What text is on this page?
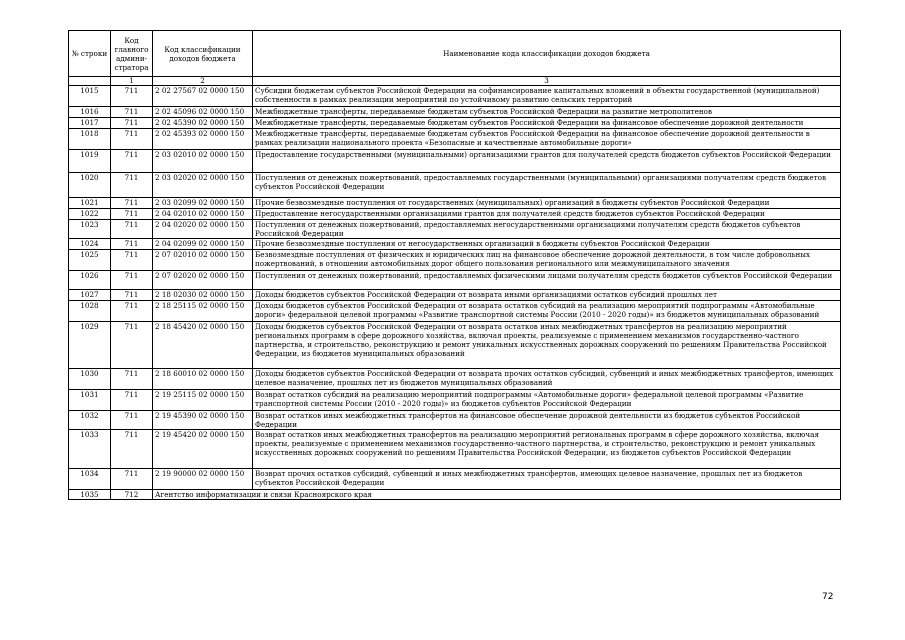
№ строки	Код главного админи- стратора	Код классификации доходов бюджета	Наименование кода классификации доходов бюджета
	1	2	3
1015	711	2 02 27567 02 0000 150	Субсидии бюджетам субъектов Российской Федерации на софинансирование капитальных вложений в объекты государственной (муниципальной) собственности в рамках реализации мероприятий по устойчивому развитию сельских территорий
1016	711	2 02 45096 02 0000 150	Межбюджетные трансферты, передаваемые бюджетам субъектов Российской Федерации на развитие метрополитенов
1017	711	2 02 45390 02 0000 150	Межбюджетные трансферты, передаваемые бюджетам субъектов Российской Федерации на финансовое обеспечение дорожной деятельности
1018	711	2 02 45393 02 0000 150	Межбюджетные трансферты, передаваемые бюджетам субъектов Российской Федерации на финансовое обеспечение дорожной деятельности в рамках реализации национального проекта «Безопасные и качественные автомобильные дороги»
1019	711	2 03 02010 02 0000 150	Предоставление государственными (муниципальными) организациями грантов для получателей средств бюджетов субъектов Российской Федерации
1020	711	2 03 02020 02 0000 150	Поступления от денежных пожертвований, предоставляемых государственными (муниципальными) организациями получателям средств бюджетов субъектов Российской Федерации
1021	711	2 03 02099 02 0000 150	Прочие безвозмездные поступления от государственных (муниципальных) организаций в бюджеты субъектов Российской Федерации
1022	711	2 04 02010 02 0000 150	Предоставление негосударственными организациями грантов для получателей средств бюджетов субъектов Российской Федерации
1023	711	2 04 02020 02 0000 150	Поступления от денежных пожертвований, предоставляемых негосударственными организациями получателям средств бюджетов субъектов Российской Федерации
1024	711	2 04 02099 02 0000 150	Прочие безвозмездные поступления от негосударственных организаций в бюджеты субъектов Российской Федерации
1025	711	2 07 02010 02 0000 150	Безвозмездные поступления от физических и юридических лиц на финансовое обеспечение дорожной деятельности, в том числе добровольных пожертвований, в отношении автомобильных дорог общего пользования регионального или межмуниципального значения
1026	711	2 07 02020 02 0000 150	Поступления от денежных пожертвований, предоставляемых физическими лицами получателям средств бюджетов субъектов Российской Федерации
1027	711	2 18 02030 02 0000 150	Доходы бюджетов субъектов Российской Федерации от возврата иными организациями остатков субсидий прошлых лет
1028	711	2 18 25115 02 0000 150	Доходы бюджетов субъектов Российской Федерации от возврата остатков субсидий на реализацию мероприятий подпрограммы «Автомобильные дороги» федеральной целевой программы «Развитие транспортной системы России (2010 - 2020 годы)» из бюджетов муниципальных образований
1029	711	2 18 45420 02 0000 150	Доходы бюджетов субъектов Российской Федерации от возврата остатков иных межбюджетных трансфертов на реализацию мероприятий региональных программ в сфере дорожного хозяйства, включая проекты, реализуемые с применением механизмов государственно-частного партнерства, и строительство, реконструкцию и ремонт уникальных искусственных дорожных сооружений по решениям Правительства Российской Федерации, из бюджетов муниципальных образований
1030	711	2 18 60010 02 0000 150	Доходы бюджетов субъектов Российской Федерации от возврата прочих остатков субсидий, субвенций и иных межбюджетных трансфертов, имеющих целевое назначение, прошлых лет из бюджетов муниципальных образований
1031	711	2 19 25115 02 0000 150	Возврат остатков субсидий на реализацию мероприятий подпрограммы «Автомобильные дороги» федеральной целевой программы «Развитие транспортной системы России (2010 - 2020 годы)» из бюджетов субъектов Российской Федерации
1032	711	2 19 45390 02 0000 150	Возврат остатков иных межбюджетных трансфертов на финансовое обеспечение дорожной деятельности из бюджетов субъектов Российской Федерации
1033	711	2 19 45420 02 0000 150	Возврат остатков иных межбюджетных трансфертов на реализацию мероприятий региональных программ в сфере дорожного хозяйства, включая проекты, реализуемые с применением механизмов государственно-частного партнерства, и строительство, реконструкцию и ремонт уникальных искусственных дорожных сооружений по решениям Правительства Российской Федерации, из бюджетов субъектов Российской Федерации
1034	711	2 19 90000 02 0000 150	Возврат прочих остатков субсидий, субвенций и иных межбюджетных трансфертов, имеющих целевое назначение, прошлых лет из бюджетов субъектов Российской Федерации
1035	712	Агентство информатизации и связи Красноярского края	
72
